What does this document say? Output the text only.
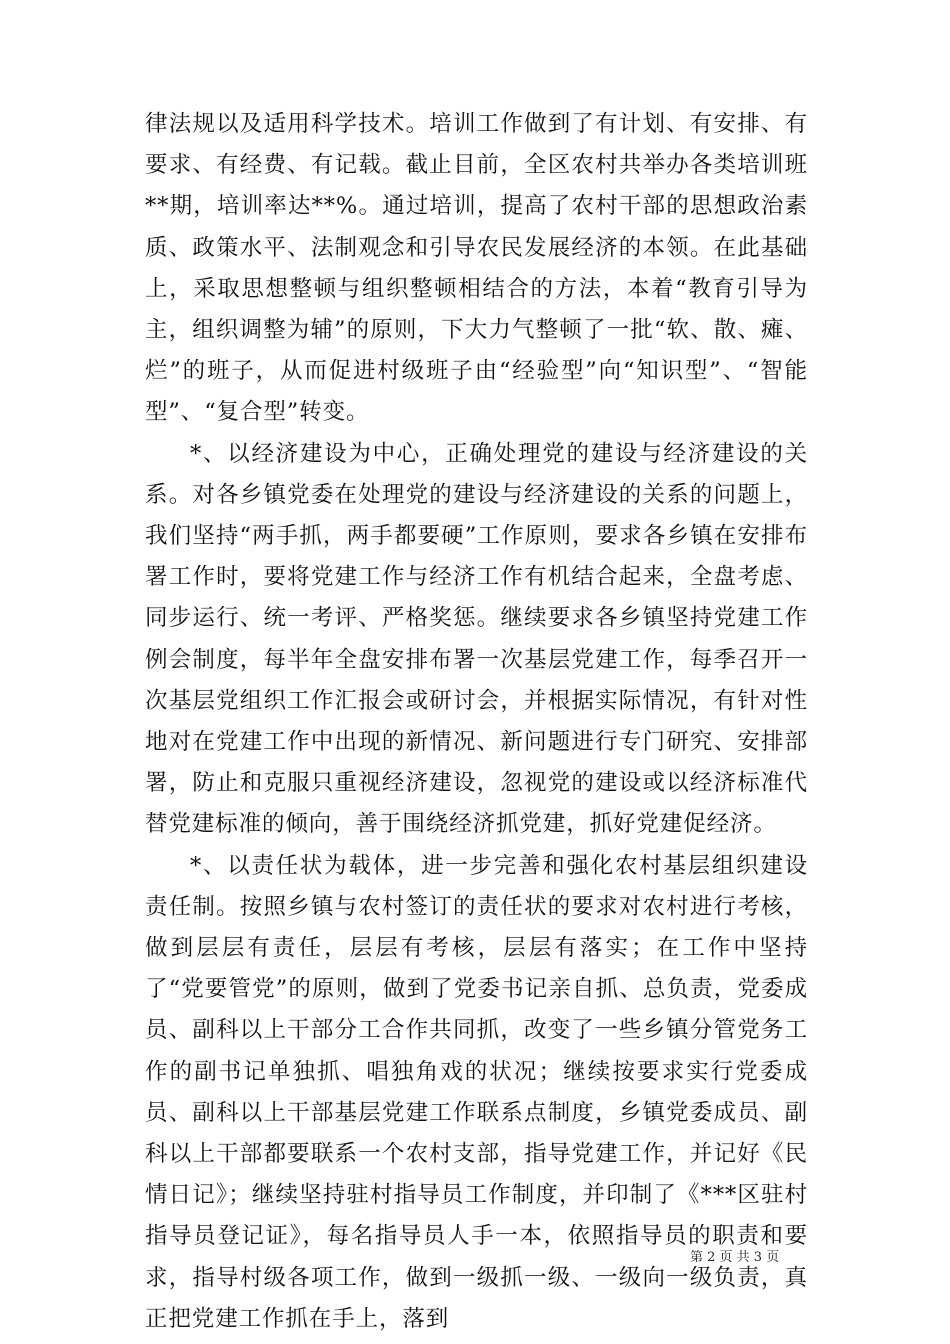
律法规以及适用科学技术。培训工作做到了有计划、有安排、有要求、有经费、有记载。截止目前，全区农村共举办各类培训班**期，培训率达**%。通过培训，提高了农村干部的思想政治素质、政策水平、法制观念和引导农民发展经济的本领。在此基础上，采取思想整顿与组织整顿相结合的方法，本着“教育引导为主，组织调整为辅”的原则，下大力气整顿了一批“软、散、瘫、烂”的班子，从而促进村级班子由“经验型”向“知识型”、“智能型”、“复合型”转变。

*、以经济建设为中心，正确处理党的建设与经济建设的关系。对各乡镇党委在处理党的建设与经济建设的关系的问题上，我们坚持“两手抓，两手都要硬”工作原则，要求各乡镇在安排布署工作时，要将党建工作与经济工作有机结合起来，全盘考虑、同步运行、统一考评、严格奖惩。继续要求各乡镇坚持党建工作例会制度，每半年全盘安排布署一次基层党建工作，每季召开一次基层党组织工作汇报会或研讨会，并根据实际情况，有针对性地对在党建工作中出现的新情况、新问题进行专门研究、安排部署，防止和克服只重视经济建设，忽视党的建设或以经济标准代替党建标准的倾向，善于围绕经济抓党建，抓好党建促经济。

*、以责任状为载体，进一步完善和强化农村基层组织建设责任制。按照乡镇与农村签订的责任状的要求对农村进行考核，做到层层有责任，层层有考核，层层有落实；在工作中坚持了“党要管党”的原则，做到了党委书记亲自抓、总负责，党委成员、副科以上干部分工合作共同抓，改变了一些乡镇分管党务工作的副书记单独抓、唱独角戏的状况；继续按要求实行党委成员、副科以上干部基层党建工作联系点制度，乡镇党委成员、副科以上干部都要联系一个农村支部，指导党建工作，并记好《民情日记》；继续坚持驻村指导员工作制度，并印制了《***区驻村指导员登记证》，每名指导员人手一本，依照指导员的职责和要求，指导村级各项工作，做到一级抓一级、一级向一级负责，真正把党建工作抓在手上，落到

第 2 页 共 3 页
